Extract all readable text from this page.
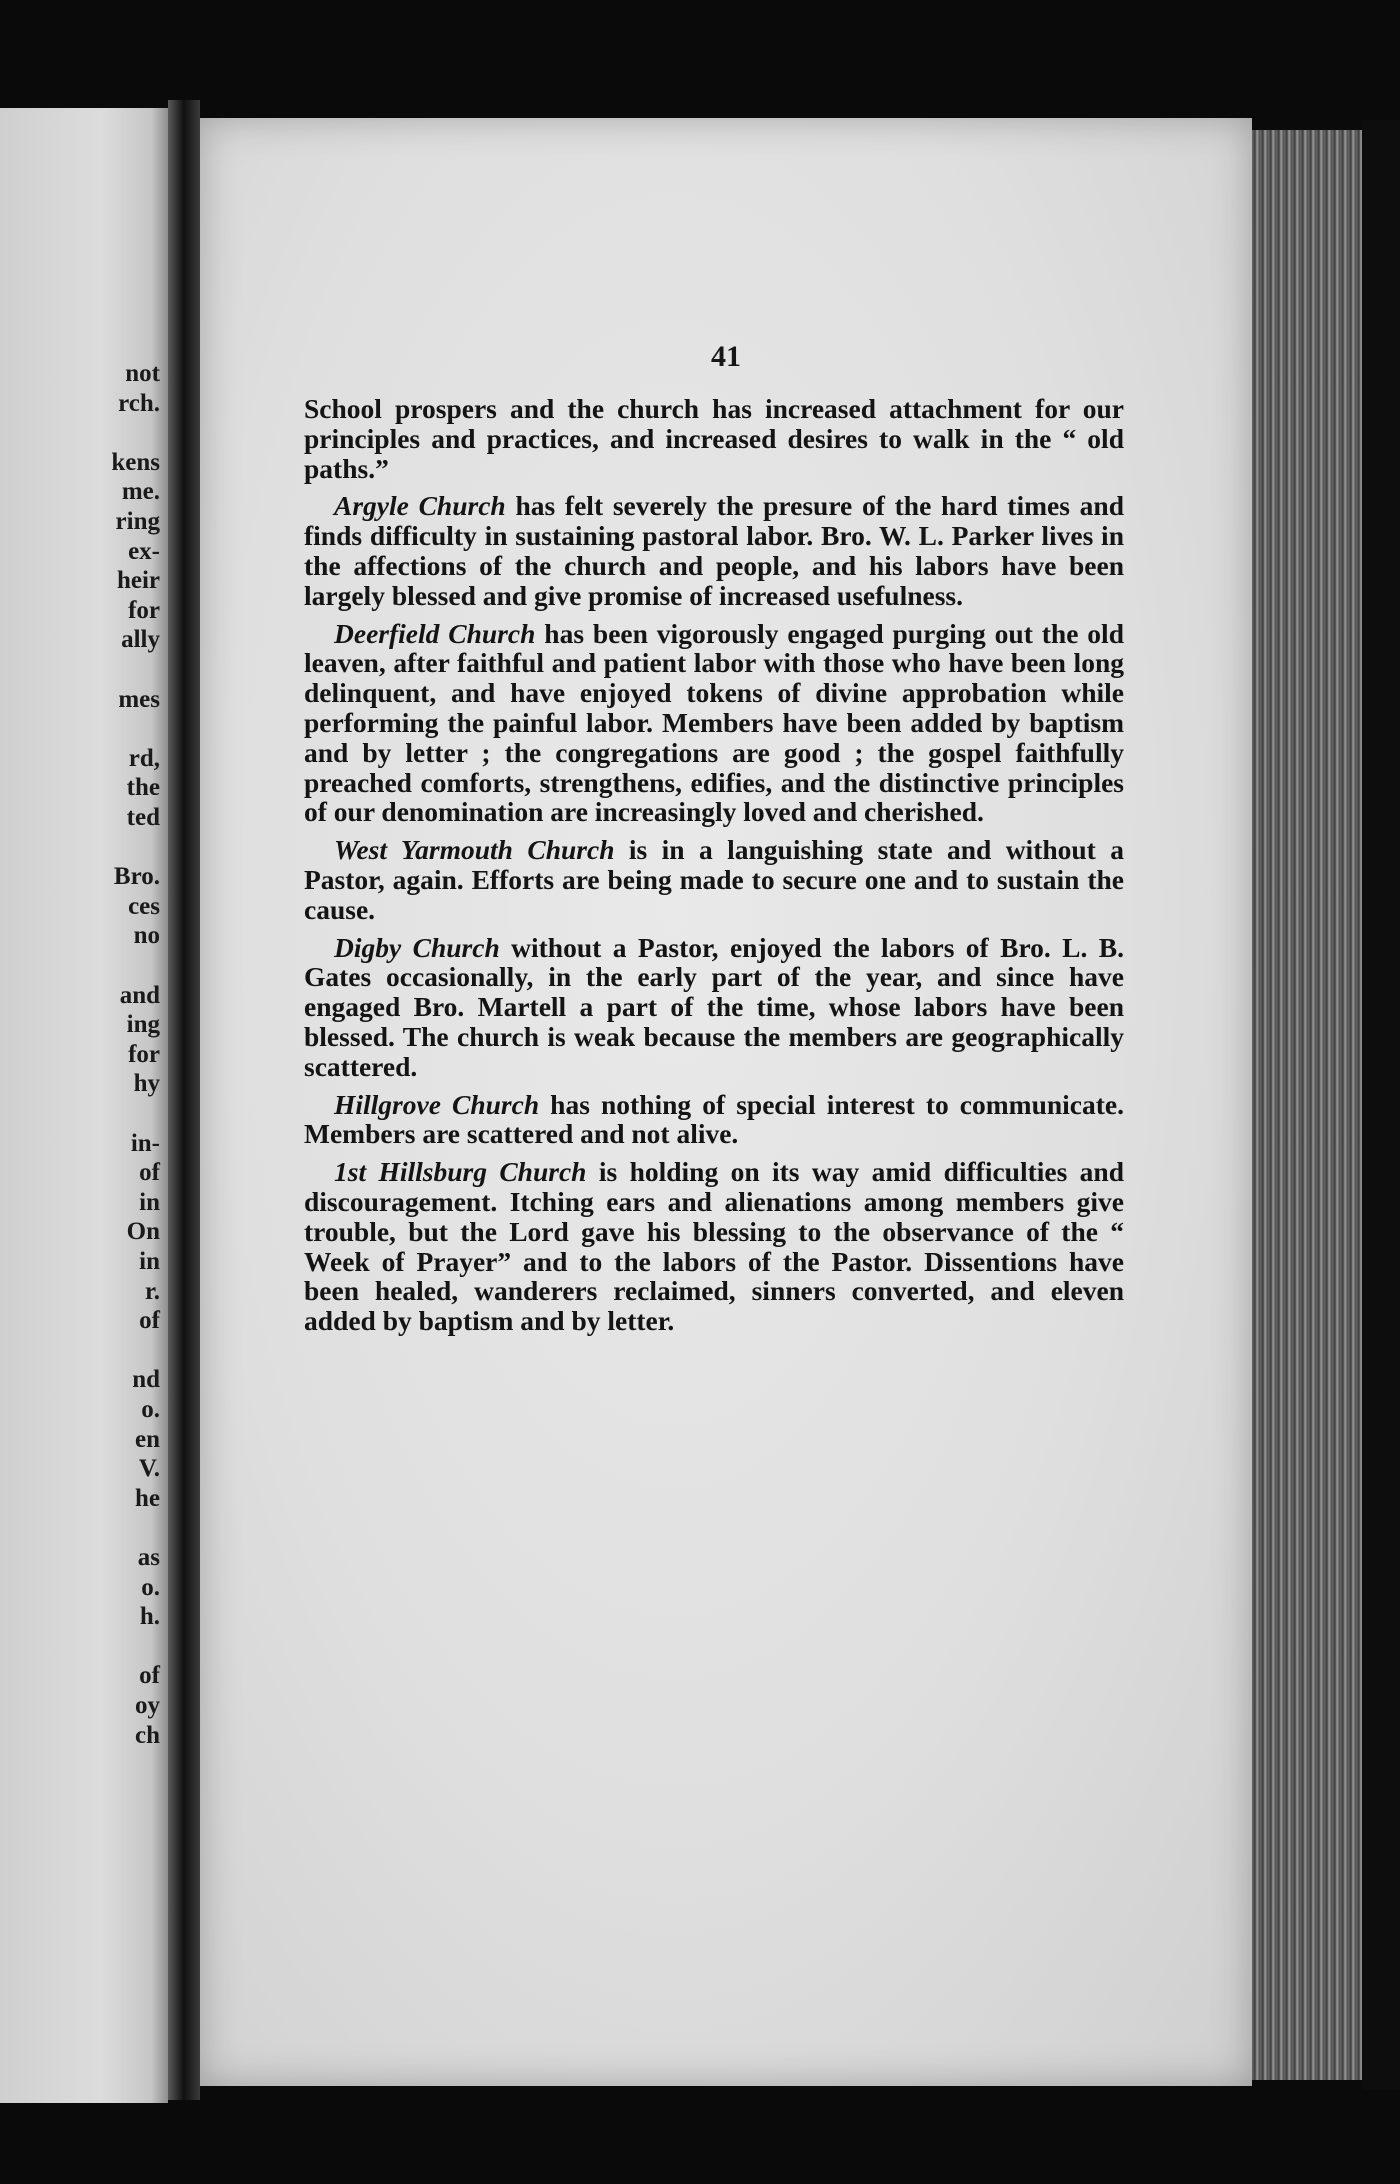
not
rch.
kens
me.
ring
ex-
heir
for
ally
mes
rd,
the
ted
Bro.
ces
no
and
ing
for
hy
in-
of
in
On
in
r.
of
nd
o.
en
V.
he
as
o.
h.
of
oy
ch

41

School prospers and the church has increased attachment for our principles and practices, and increased desires to walk in the “ old paths.”

Argyle Church has felt severely the presure of the hard times and finds difficulty in sustaining pastoral labor. Bro. W. L. Parker lives in the affections of the church and people, and his labors have been largely blessed and give promise of increased usefulness.

Deerfield Church has been vigorously engaged purging out the old leaven, after faithful and patient labor with those who have been long delinquent, and have enjoyed tokens of divine approbation while performing the painful labor. Members have been added by baptism and by letter ; the congregations are good ; the gospel faithfully preached comforts, strengthens, edifies, and the distinctive principles of our denomination are increasingly loved and cherished.

West Yarmouth Church is in a languishing state and without a Pastor, again. Efforts are being made to secure one and to sustain the cause.

Digby Church without a Pastor, enjoyed the labors of Bro. L. B. Gates occasionally, in the early part of the year, and since have engaged Bro. Martell a part of the time, whose labors have been blessed. The church is weak because the members are geographically scattered.

Hillgrove Church has nothing of special interest to communicate. Members are scattered and not alive.

1st Hillsburg Church is holding on its way amid difficulties and discouragement. Itching ears and alienations among members give trouble, but the Lord gave his blessing to the observance of the “ Week of Prayer” and to the labors of the Pastor. Dissentions have been healed, wanderers reclaimed, sinners converted, and eleven added by baptism and by letter.
